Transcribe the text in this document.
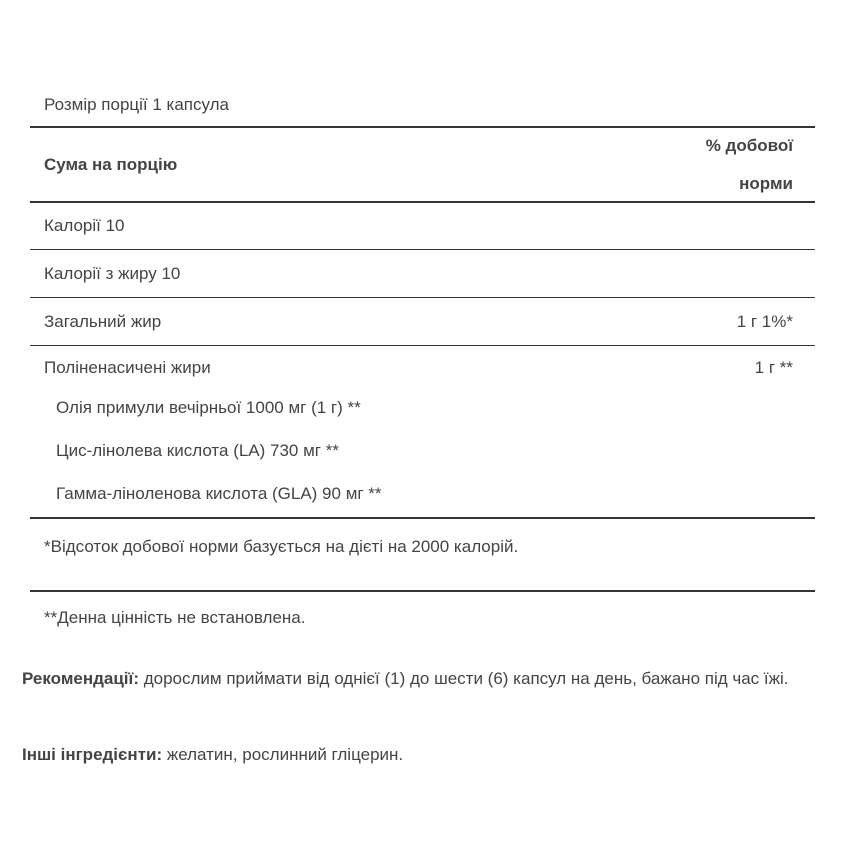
Розмір порції 1 капсула
Сума на порцію
% добової норми
Калорії 10
Калорії з жиру 10
Загальний жир	1 г 1%*
Поліненасичені жири	1 г **
Олія примули вечірньої 1000 мг (1 г) **
Цис-лінолева кислота (LA) 730 мг **
Гамма-ліноленова кислота (GLA) 90 мг **
*Відсоток добової норми базується на дієті на 2000 калорій.
**Денна цінність не встановлена.
Рекомендації: дорослим приймати від однієї (1) до шести (6) капсул на день, бажано під час їжі.
Інші інгредієнти: желатин, рослинний гліцерин.
